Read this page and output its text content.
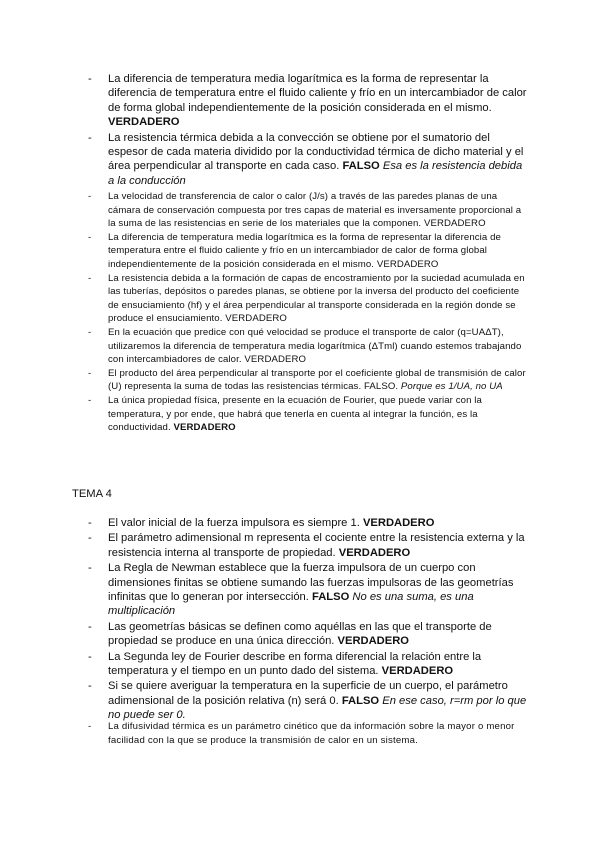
- La diferencia de temperatura media logarítmica es la forma de representar la diferencia de temperatura entre el fluido caliente y frío en un intercambiador de calor de forma global independientemente de la posición considerada en el mismo. VERDADERO
- La resistencia térmica debida a la convección se obtiene por el sumatorio del espesor de cada materia dividido por la conductividad térmica de dicho material y el área perpendicular al transporte en cada caso. FALSO Esa es la resistencia debida a la conducción
- La velocidad de transferencia de calor o calor (J/s) a través de las paredes planas de una cámara de conservación compuesta por tres capas de material es inversamente proporcional a la suma de las resistencias en serie de los materiales que la componen. VERDADERO
- La diferencia de temperatura media logarítmica es la forma de representar la diferencia de temperatura entre el fluido caliente y frío en un intercambiador de calor de forma global independientemente de la posición considerada en el mismo. VERDADERO
- La resistencia debida a la formación de capas de encostramiento por la suciedad acumulada en las tuberías, depósitos o paredes planas, se obtiene por la inversa del producto del coeficiente de ensuciamiento (hf) y el área perpendicular al transporte considerada en la región donde se produce el ensuciamiento. VERDADERO
- En la ecuación que predice con qué velocidad se produce el transporte de calor (q=UAΔT), utilizaremos la diferencia de temperatura media logarítmica (ΔTml) cuando estemos trabajando con intercambiadores de calor. VERDADERO
- El producto del área perpendicular al transporte por el coeficiente global de transmisión de calor (U) representa la suma de todas las resistencias térmicas. FALSO. Porque es 1/UA, no UA
- La única propiedad física, presente en la ecuación de Fourier, que puede variar con la temperatura, y por ende, que habrá que tenerla en cuenta al integrar la función, es la conductividad. VERDADERO
TEMA 4
- El valor inicial de la fuerza impulsora es siempre 1. VERDADERO
- El parámetro adimensional m representa el cociente entre la resistencia externa y la resistencia interna al transporte de propiedad. VERDADERO
- La Regla de Newman establece que la fuerza impulsora de un cuerpo con dimensiones finitas se obtiene sumando las fuerzas impulsoras de las geometrías infinitas que lo generan por intersección. FALSO No es una suma, es una multiplicación
- Las geometrías básicas se definen como aquéllas en las que el transporte de propiedad se produce en una única dirección. VERDADERO
- La Segunda ley de Fourier describe en forma diferencial la relación entre la temperatura y el tiempo en un punto dado del sistema. VERDADERO
- Si se quiere averiguar la temperatura en la superficie de un cuerpo, el parámetro adimensional de la posición relativa (n) será 0. FALSO En ese caso, r=rm por lo que no puede ser 0.
- La difusividad térmica es un parámetro cinético que da información sobre la mayor o menor facilidad con la que se produce la transmisión de calor en un sistema.
